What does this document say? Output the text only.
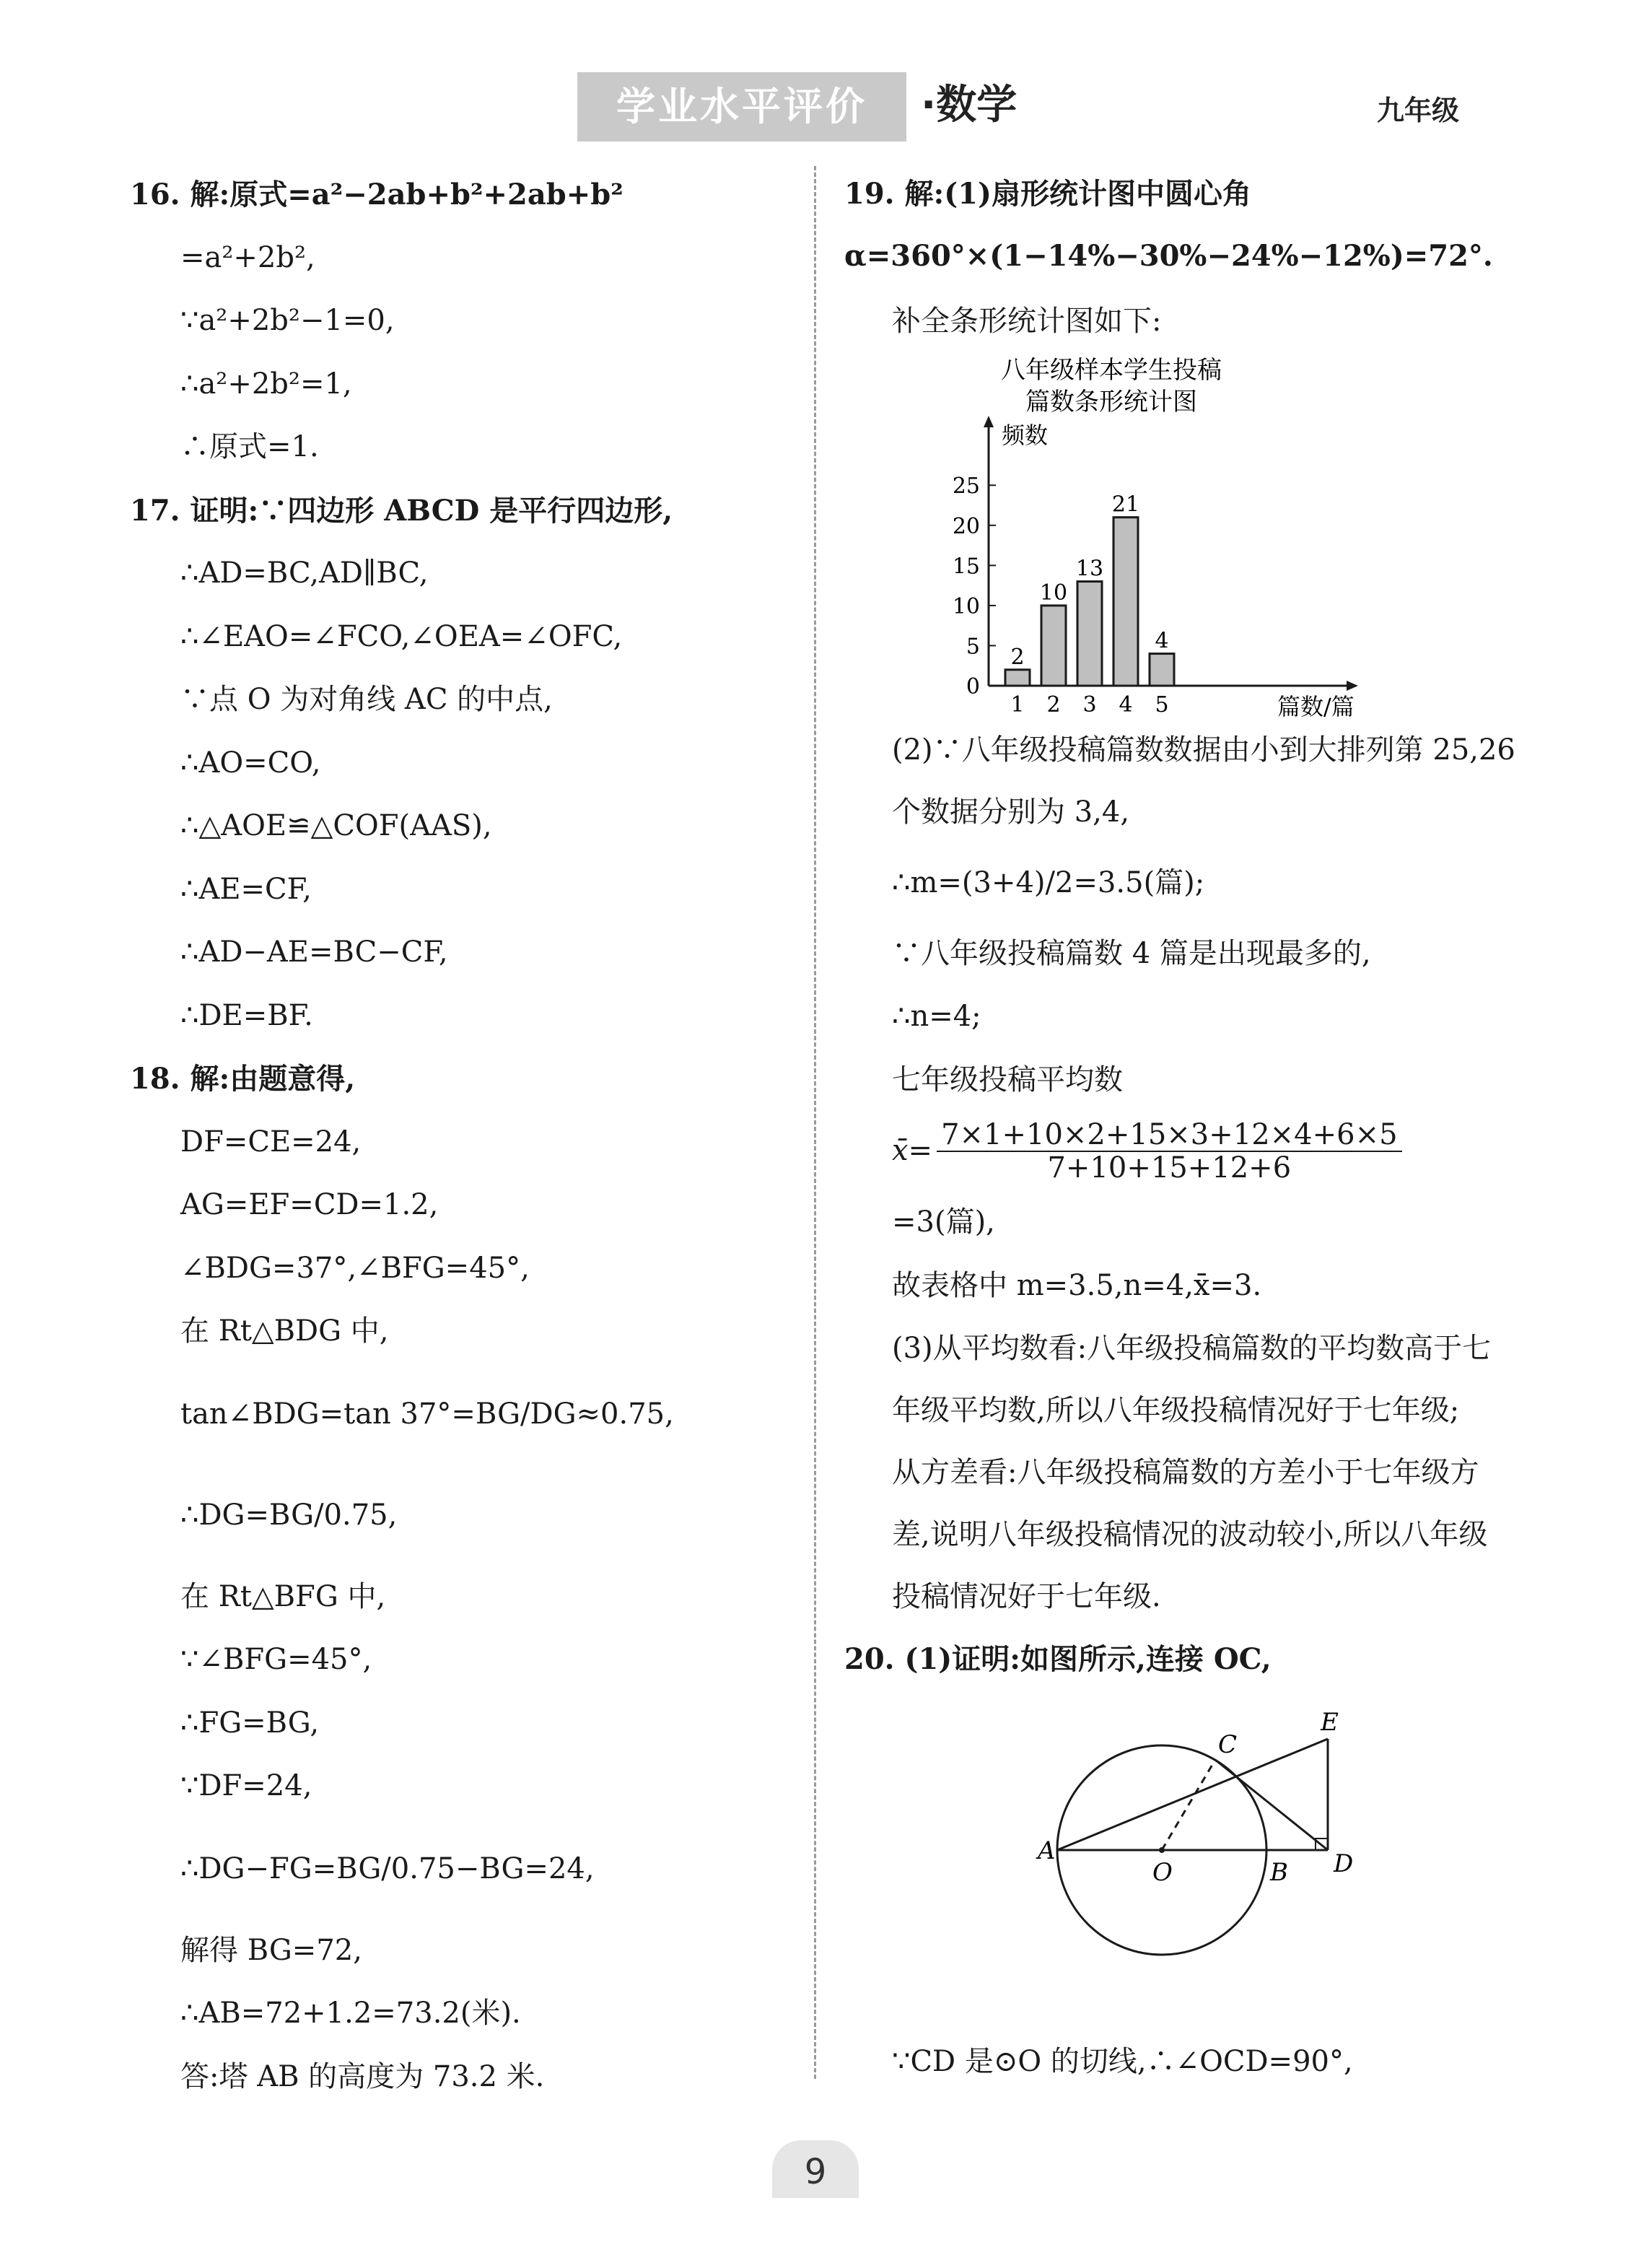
学业水平评价	·数学	九年级
16. 解:原式=a²−2ab+b²+2ab+b²
=a²+2b²,
∵a²+2b²−1=0,
∴a²+2b²=1,
∴原式=1.
17. 证明:∵四边形 ABCD 是平行四边形,
∴AD=BC,AD∥BC,
∴∠EAO=∠FCO,∠OEA=∠OFC,
∵点 O 为对角线 AC 的中点,
∴AO=CO,
∴△AOE≌△COF(AAS),
∴AE=CF,
∴AD−AE=BC−CF,
∴DE=BF.
18. 解:由题意得,
DF=CE=24,
AG=EF=CD=1.2,
∠BDG=37°,∠BFG=45°,
在 Rt△BDG 中,
tan∠BDG=tan 37°=BG/DG≈0.75,
∴DG=BG/0.75,
在 Rt△BFG 中,
∵∠BFG=45°,
∴FG=BG,
∵DF=24,
∴DG−FG=BG/0.75−BG=24,
解得 BG=72,
∴AB=72+1.2=73.2(米).
答:塔 AB 的高度为 73.2 米.
19. 解:(1)扇形统计图中圆心角 α=360°×(1−14%−30%−24%−12%)=72°.
补全条形统计图如下:
八年级样本学生投稿
篇数条形统计图
频数
篇数/篇
0
5
10
15
20
25
2
1
10
2
13
3
21
4
4
5
(2)∵八年级投稿篇数数据由小到大排列第 25,26 个数据分别为 3,4,
∴m=(3+4)/2=3.5(篇);
∵八年级投稿篇数 4 篇是出现最多的,
∴n=4;
七年级投稿平均数
x̄= $\frac{7\times 1+10\times 2+15\times 3+12\times 4+6\times 5}{7+10+15+12+6}$
=3(篇),
故表格中 m=3.5,n=4,x̄=3.
(3)从平均数看:八年级投稿篇数的平均数高于七年级平均数,所以八年级投稿情况好于七年级;
从方差看:八年级投稿篇数的方差小于七年级方差,说明八年级投稿情况的波动较小,所以八年级投稿情况好于七年级.
20. (1)证明:如图所示,连接 OC,
A
O	B
C
D
E
∵CD 是⊙O 的切线,∴∠OCD=90°,
9
